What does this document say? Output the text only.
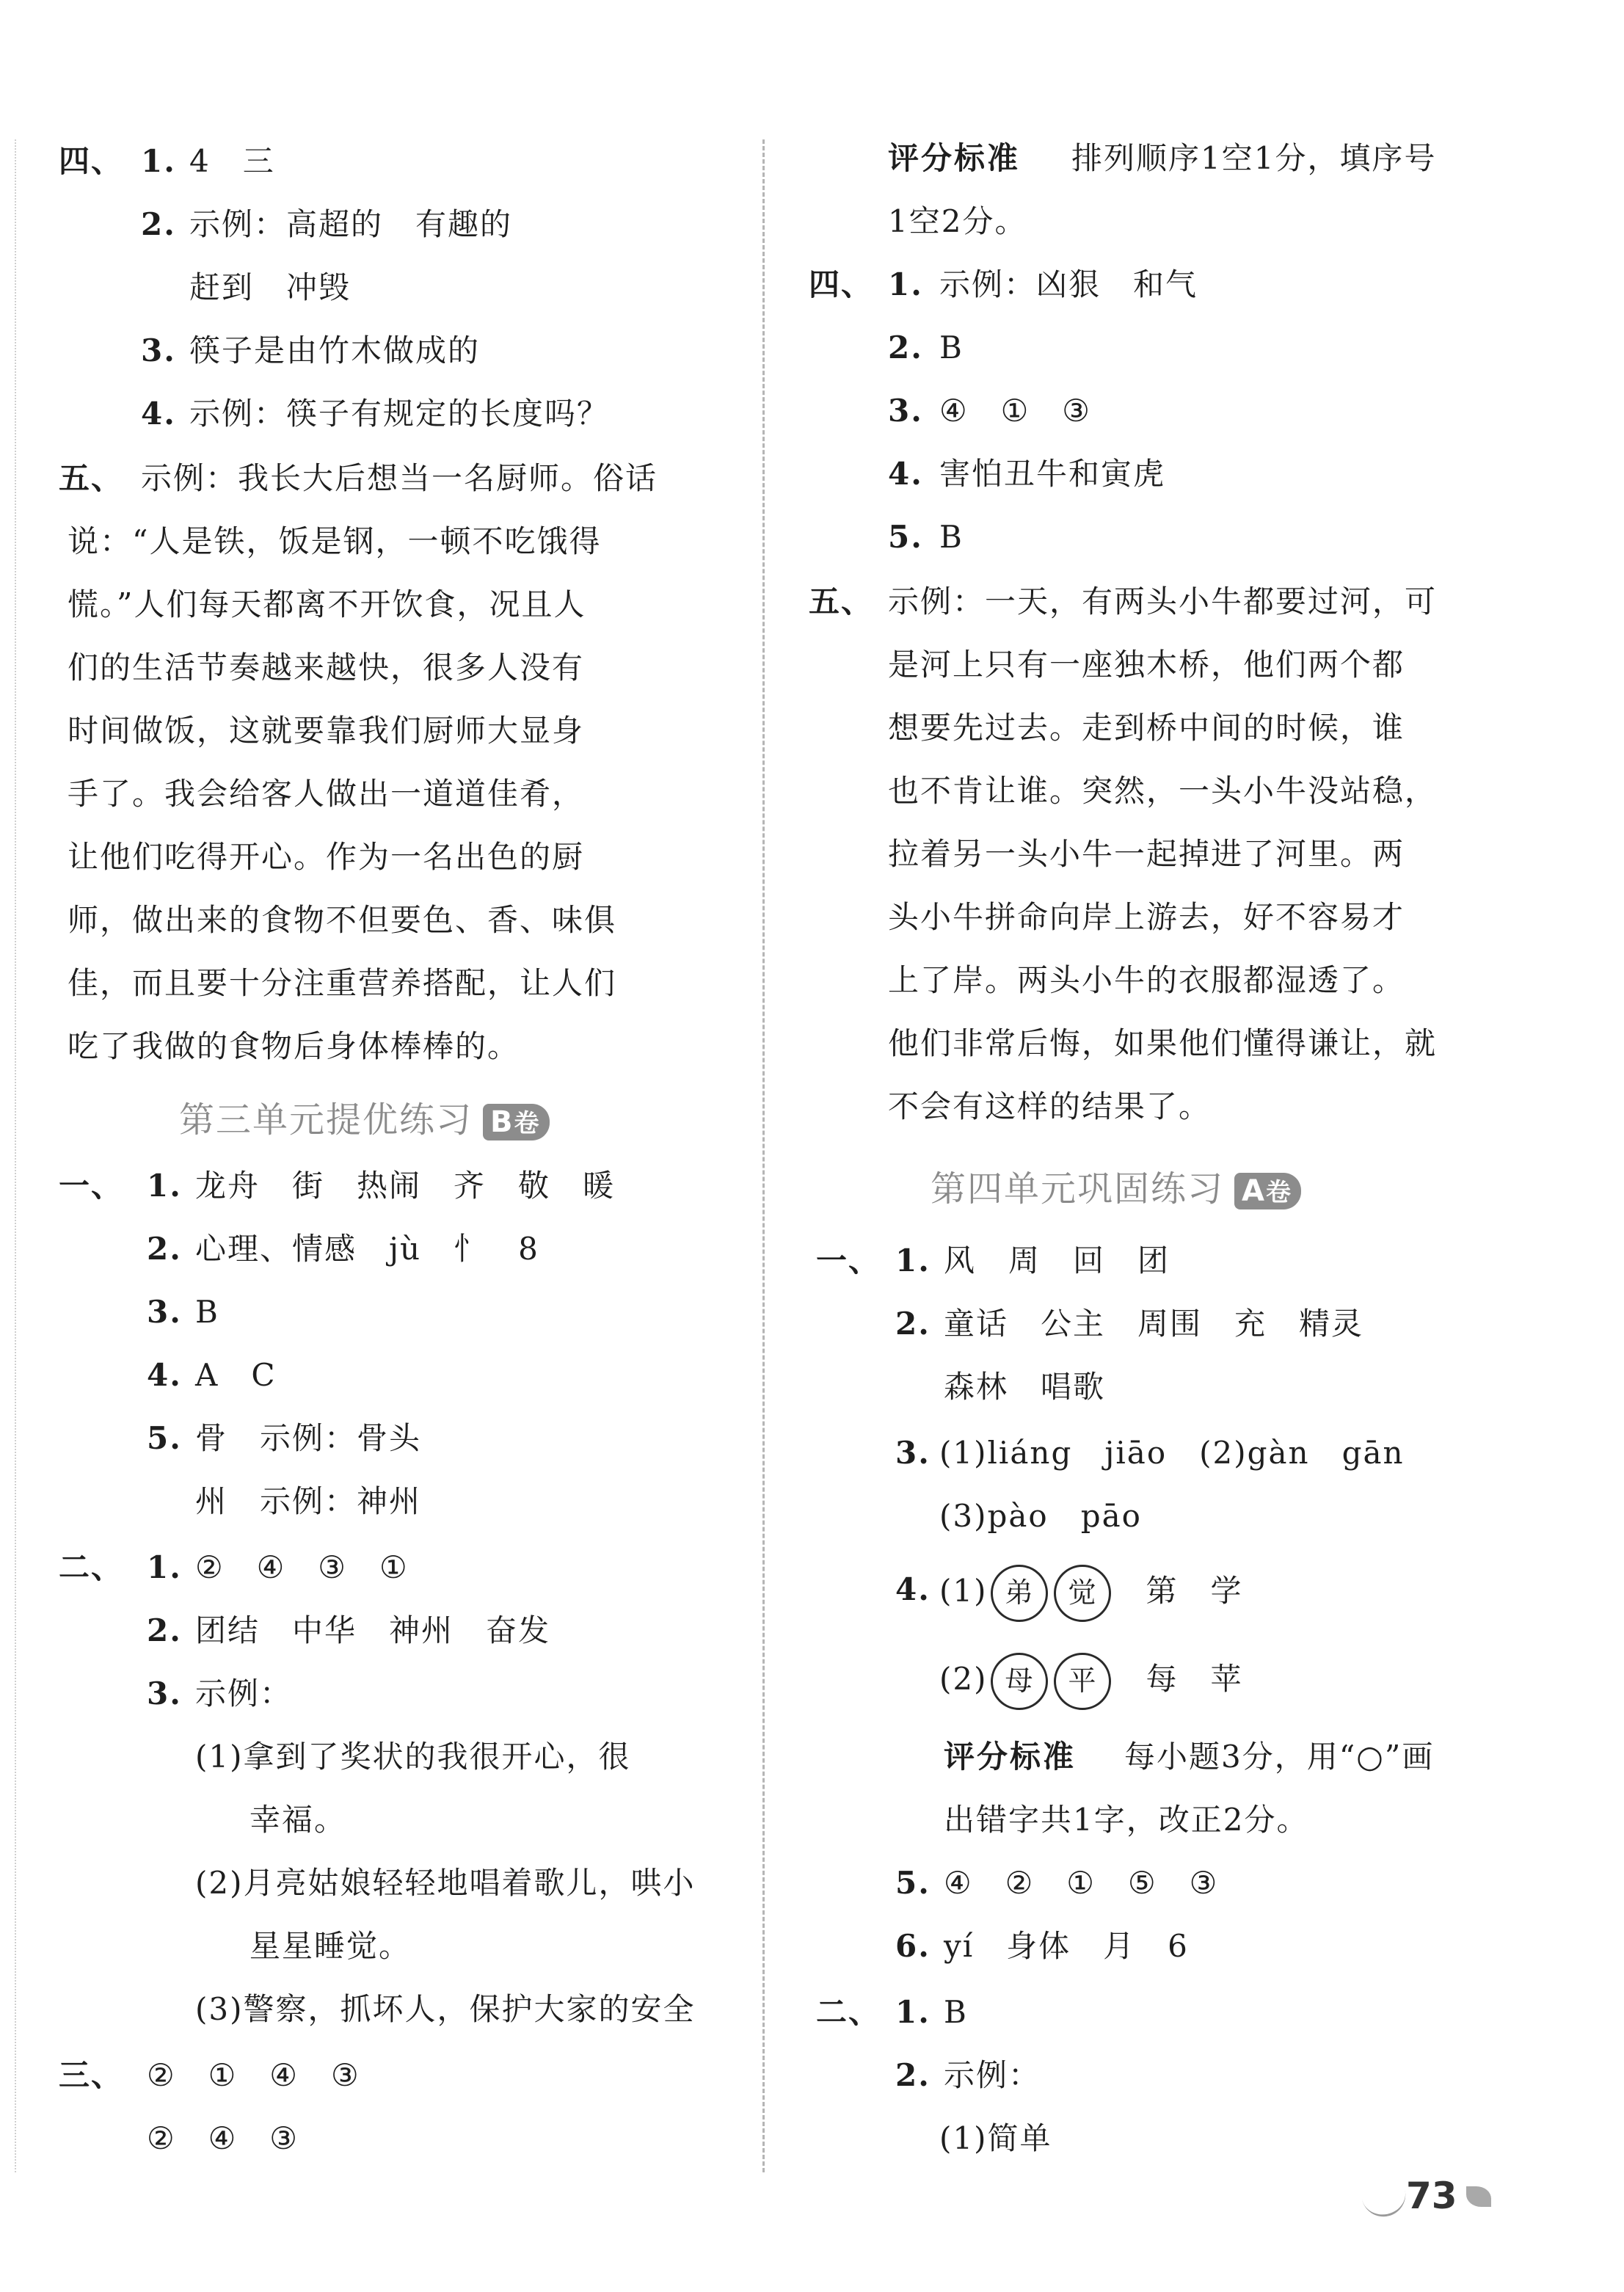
四、 1. 4　三
2. 示例：高超的　有趣的
赶到　冲毁
3. 筷子是由竹木做成的
4. 示例：筷子有规定的长度吗？
五、 示例：我长大后想当一名厨师。俗话
说：“人是铁，饭是钢，一顿不吃饿得
慌。”人们每天都离不开饮食，况且人
们的生活节奏越来越快，很多人没有
时间做饭，这就要靠我们厨师大显身
手了。我会给客人做出一道道佳肴，
让他们吃得开心。作为一名出色的厨
师，做出来的食物不但要色、香、味俱
佳，而且要十分注重营养搭配，让人们
吃了我做的食物后身体棒棒的。
第三单元提优练习 B卷
一、 1. 龙舟　街　热闹　齐　敬　暖
2. 心理、情感　jù　忄　8
3. B
4. A　C
5. 骨　示例：骨头
州　示例：神州
二、 1. ②　④　③　①
2. 团结　中华　神州　奋发
3. 示例：
(1)拿到了奖状的我很开心，很
幸福。
(2)月亮姑娘轻轻地唱着歌儿，哄小
星星睡觉。
(3)警察，抓坏人，保护大家的安全
三、 ②　①　④　③
②　④　③
评分标准 排列顺序1空1分，填序号
1空2分。
四、 1. 示例：凶狠　和气
2. B
3. ④　①　③
4. 害怕丑牛和寅虎
5. B
五、 示例：一天，有两头小牛都要过河，可
是河上只有一座独木桥，他们两个都
想要先过去。走到桥中间的时候，谁
也不肯让谁。突然，一头小牛没站稳，
拉着另一头小牛一起掉进了河里。两
头小牛拼命向岸上游去，好不容易才
上了岸。两头小牛的衣服都湿透了。
他们非常后悔，如果他们懂得谦让，就
不会有这样的结果了。
第四单元巩固练习 A卷
一、 1. 风　周　回　团
2. 童话　公主　周围　充　精灵
森林　唱歌
3. (1)liáng　jiāo　(2)gàn　gān
(3)pào　pāo
4. (1) 弟 觉　 第　学
(2) 母 平　 每　苹
评分标准 每小题3分，用“○”画
出错字共1字，改正2分。
5. ④　②　①　⑤　③
6. yí　身体　月　6
二、 1. B
2. 示例：
(1)简单
73
